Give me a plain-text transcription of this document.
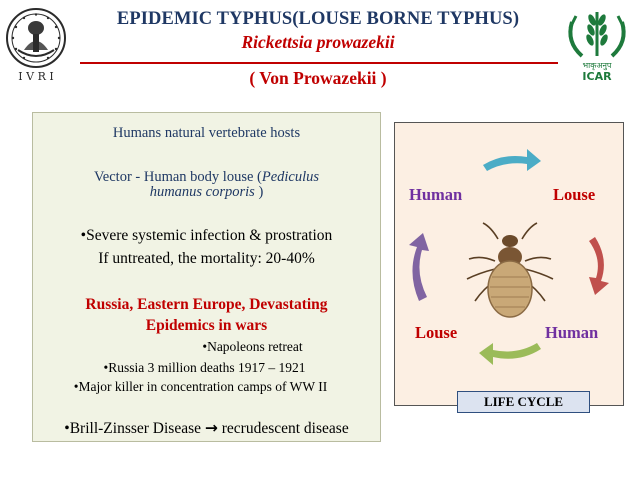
I V R I
भाकृअनुप
ICAR
EPIDEMIC TYPHUS(LOUSE BORNE TYPHUS)
Rickettsia prowazekii
( Von Prowazekii )
Humans natural vertebrate hosts
Vector - Human body louse (Pediculus
humanus corporis )
•Severe systemic infection & prostration
If untreated, the mortality: 20-40%
Russia, Eastern Europe, Devastating
Epidemics in wars
•Napoleons retreat
•Russia 3 million deaths 1917 – 1921
•Major killer in concentration camps of WW II
•Brill-Zinsser Disease → recrudescent disease
Human	Louse
Louse	Human
LIFE CYCLE
